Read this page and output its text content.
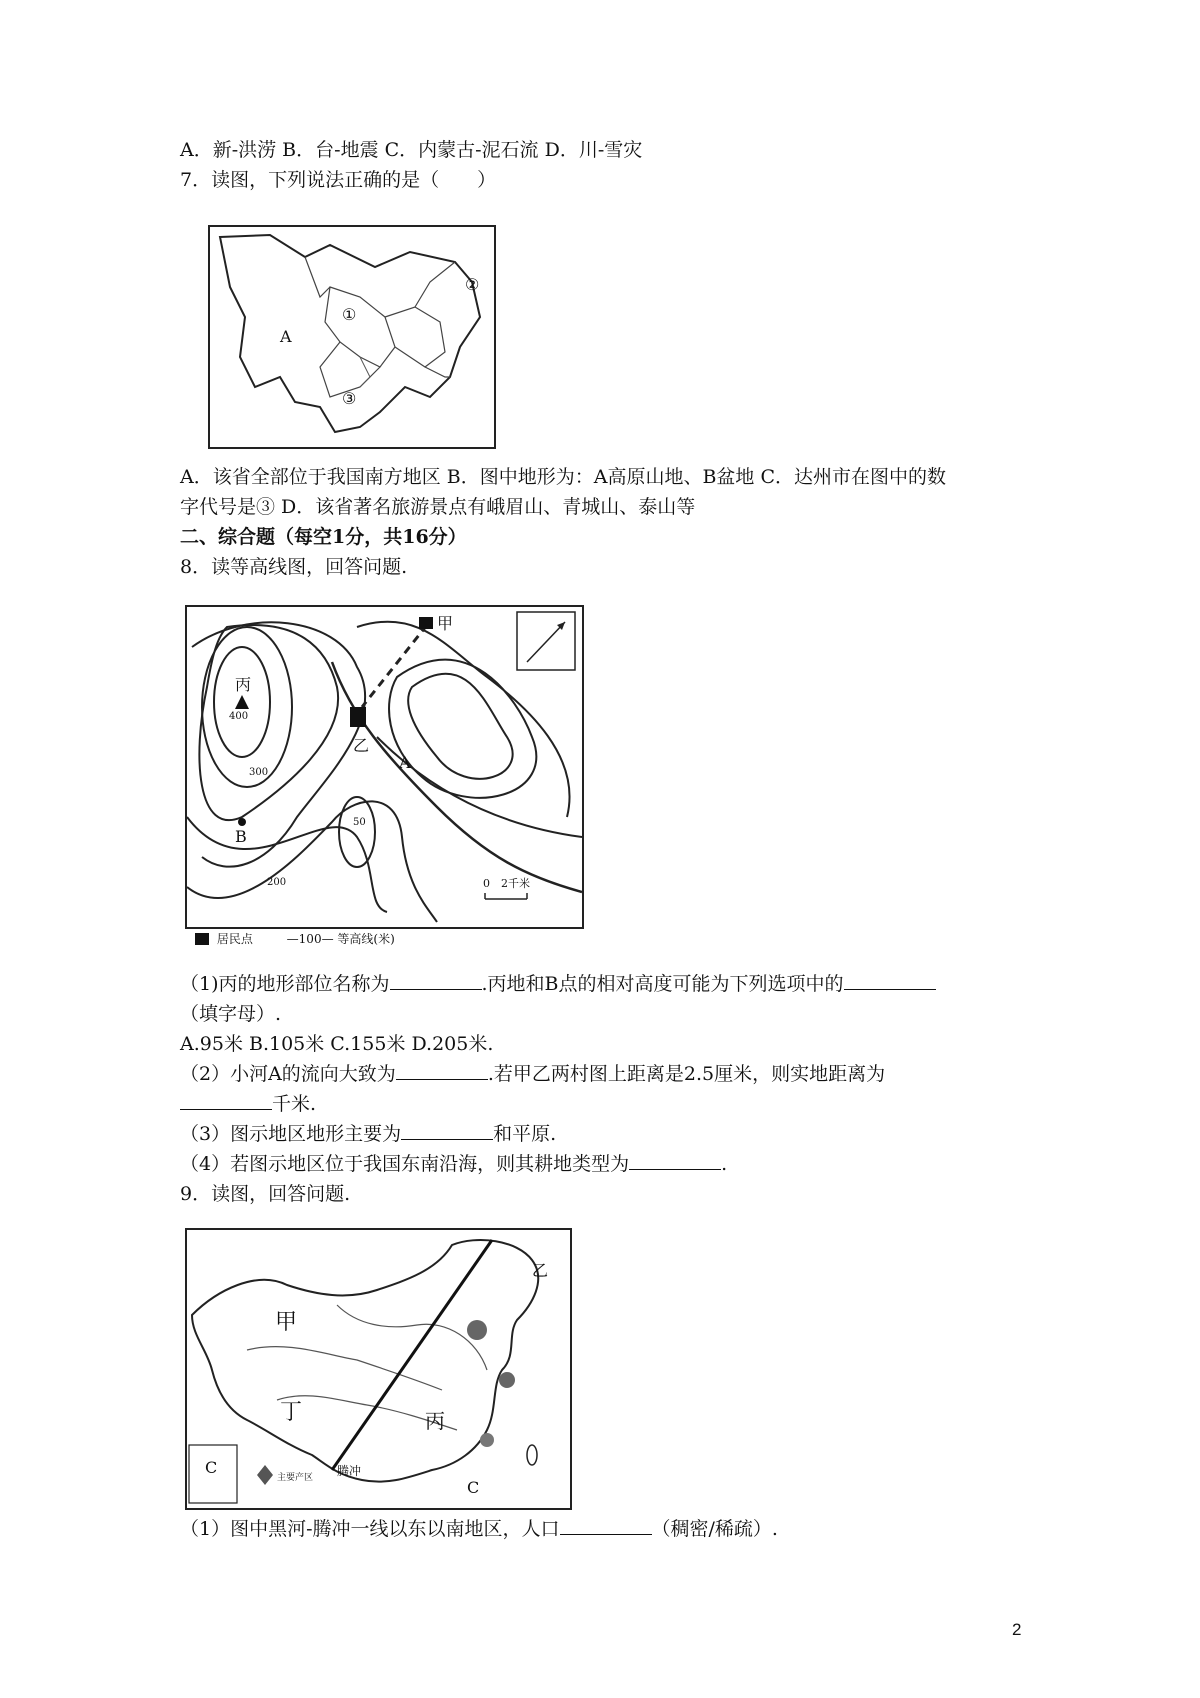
A．新-洪涝 B．台-地震 C．内蒙古-泥石流 D．川-雪灾
7．读图，下列说法正确的是（　　）
A
①
②
③
A．该省全部位于我国南方地区 B．图中地形为：A高原山地、B盆地 C．达州市在图中的数
字代号是③ D．该省著名旅游景点有峨眉山、青城山、泰山等
二、综合题（每空1分，共16分）
8．读等高线图，回答问题.
甲
丙
400
300
乙
A
B
50
200	0　2千米
居民点	—100— 等高线(米)
（1)丙的地形部位名称为	.丙地和B点的相对高度可能为下列选项中的
（填字母）.
A.95米 B.105米 C.155米 D.205米.
（2）小河A的流向大致为	.若甲乙两村图上距离是2.5厘米，则实地距离为
千米.
（3）图示地区地形主要为	和平原.
（4）若图示地区位于我国东南沿海，则其耕地类型为	.
9．读图，回答问题.
甲
乙
丁	丙
腾冲
C
C
主要产区
（1）图中黑河-腾冲一线以东以南地区，人口	（稠密/稀疏）.
2
